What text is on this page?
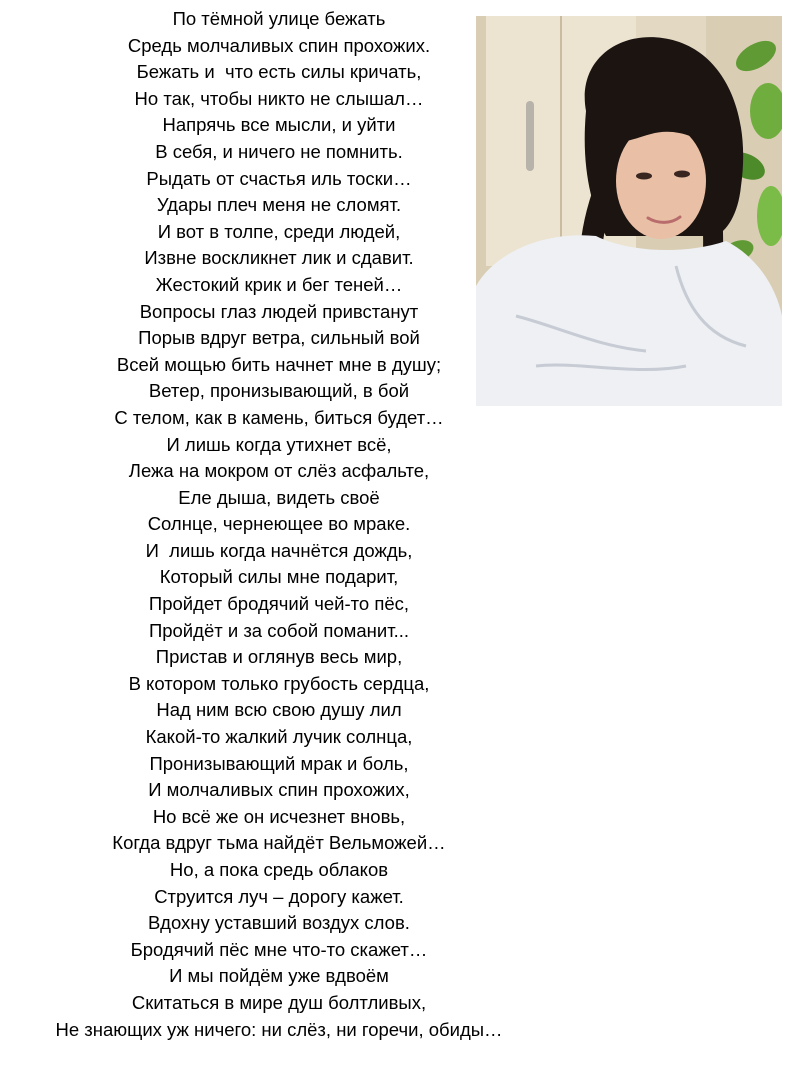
По тёмной улице бежать
Средь молчаливых спин прохожих.
Бежать и  что есть силы кричать,
Но так, чтобы никто не слышал…
Напрячь все мысли, и уйти
В себя, и ничего не помнить.
Рыдать от счастья иль тоски…
Удары плеч меня не сломят.
И вот в толпе, среди людей,
Извне воскликнет лик и сдавит.
Жестокий крик и бег теней…
Вопросы глаз людей привстанут
Порыв вдруг ветра, сильный вой
Всей мощью бить начнет мне в душу;
Ветер, пронизывающий, в бой
С телом, как в камень, биться будет…
И лишь когда утихнет всё,
Лежа на мокром от слёз асфальте,
Еле дыша, видеть своё
Солнце, чернеющее во мраке.
И  лишь когда начнётся дождь,
Который силы мне подарит,
Пройдет бродячий чей-то пёс,
Пройдёт и за собой поманит...
Пристав и оглянув весь мир,
В котором только грубость сердца,
Над ним всю свою душу лил
Какой-то жалкий лучик солнца,
Пронизывающий мрак и боль,
И молчаливых спин прохожих,
Но всё же он исчезнет вновь,
Когда вдруг тьма найдёт Вельможей…
Но, а пока средь облаков
Струится луч – дорогу кажет.
Вдохну уставший воздух слов.
Бродячий пёс мне что-то скажет…
И мы пойдём уже вдвоём
Скитаться в мире душ болтливых,
Не знающих уж ничего: ни слёз, ни горечи, обиды…
